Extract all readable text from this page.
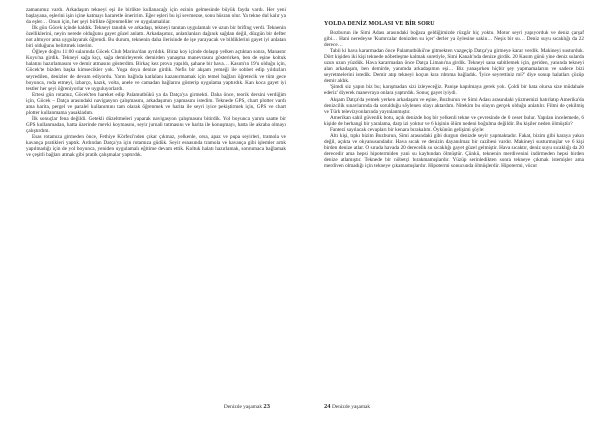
zamanımız vardı. Arkadaşım tekneyi eşi ile birlikte kullanacağı için ezinin gelmesinde büyük fayda vardı. Her yeni başlayana, eşlerini işin içine katmayı hararetle öneririm. Eğer eşleri bu işi sevmezse, sonu hüsran olur. Ya tekne dul kalır ya da eşler… Onun için, her şeyi birlikte öğrenmeliler ve uygulamalılar.

İlk gün Göcek içinde kaldık. Tekneyi tanıdık ve arkadaşı, tekneyi tanıtan uygulamalı ve uzun bir brifing verdi. Teknenin özelliklerini, neyin nerede olduğunu gayet güzel anlattı. Arkadaşımız, anlatılanları dağınık sağdan değil, düzgün bir defter not almıyor ama uygulayarak öğrendi. Bu durum, teknenin daha ilerisinde de işe yarayacak ve bildiklerini gayet iyi anlatan biri olduğunu belirtmek isterim.

Öğleye doğru 11:00 sularında Göcek Club Marina'dan ayrıldık. Biraz koy içinde dolaşıp yelken açtıktan sonra, Manastır Koyu'na girdik. Tekneyi sağa kıçı, sağa demirleyerek demirden yanaşma manevrasını gösterirken, ben de eşine koltuk halatını hazırlamasını ve demir atmasını gösterdim. Birkaç kez prova yapıldı, şahane bir hava… Kasım'ın 19'u olduğu için, Göcek'te bizden başka kimsecikler yok. Yoga doya denize girdik. Nefis bir akşam yemeği ile sohbet edip yıldızları seyredilen, denizler de devam ediyordu. Yarın bağlıda katlalanı kazanırmamak için temel bağları öğretecik ve tüm gece boyunca, roda etmeyi, izbarço, kazık, volta, anele ve camadan bağlarını gösterip uygulama yaptırdık. Kan koca gayet iyi testler her şeyi öğreniyorlar ve uyguluyorlardı.

Ertesi gün rotamız, Göcek'ten hareket edip Palamutbükü ya da Datça'ya girmekti. Daha önce, teorik dersini verdiğim için, Göcek – Datça arasındaki navigasyon çalışmasını, arkadaşımın yapmasını istedim. Teknede GPS, chart plotter vardı ama harita, pergel ve paralel kullanımını tam olarak öğrenmek ve harita ile seyri iyice pekiştirmek için, GPS ve chart plotter kullanmama yasakladım.

İlk sonuçlar fena değildi. Getekli düzeltmeleri yaparak navigasyon çalışmasını bitirdik. Yol boyunca yarım saatte bir GPS kullanmadan, hatta üzerinde mevki koymasını, seyir jurnali tutmasını ve harita ile konuşmayı, hatta ile akraba olmayı çalıştırdım.

Esas rotamıza girmeden önce, Fethiye Körfezi'nden çıkar çıkmaz, yelkenle, orsa, apaz ve pupa seyirleri, tramola ve kavança pratikleri yaptık. Ardından Datça'ya için rotamıza güdük. Seyir esnasında tramola ve kavança gibi işlemler artık yapılmadığı için de yol boyunca, yeniden uygulamalı eğitime devam ettik. Koltuk halatı hazırlamak, sonrumaca bağlamak ve çeşitli bağları atmak gibi pratik çalışmalar yaptırdık.

Denizde yaşamak 23
YOLDA DENİZ MOLASI VE BİR SORU

Bozburun ile Simi Adası arasındaki boğaza geldiğimizde rüzgâr hiç yoktu. Motor seyri yapıyorduk ve deniz çarşaf gibi… Hani neredeyse 'Kumrcalar denizden su içer' derler ya öylesine sakin… Neşis bir su… Deniz suyu sıcaklığı da 22 derece…

Tabii ki hava kararmadan önce Palamutbükü'ne gitmekten vazgeçip Datça'ya girmeye karar verdik. Makineyi susturduk. Dört kişiden iki kişi teknede nöbetleşme kalmak suretiyle, Simi Kanalı'nda denize girdik. 20 Kasım günü yine deniz sularda uzun uzun yüzdük. Hava kararmadan önce Datça Limanı'na girdik. Tekneyi sana sabitlemek için, geriden, yanında tekneyi alan arkadaşım, ben demirde, yanımda arkadaşımın eşi… Biz yanaşırken hiçbir şey yapmamalarını ve sadece bizi seyretmelerini istedik. Demir atıp tekneyi koçun kıra rıhtıma bağladık. 'İyice seyrettiniz mi?' diye sonup halatları çözüp demir aldık.

'Şimdi siz yapın biz bu; karışmadan sizi izleyeceğiz. Panişe kapılmaya gerek yok. Çoldi bir hata olursa size müdahale ederiz' diyerek manevraya onlara yaptırdık. Sonuç gayet iyiydi.

Akşam Datça'da yemek yerken arkadaşım ve eşine, Bozburun ve Simi Adası arasındaki yüzmemizi hatırlatıp Amerika'da denizcilik sınavlarında da sorulduğu söylenen olayı aktardım. Nitekim bu olayın gerçek olduğu anlatılır. Filmi de çekilmiş ve Türk televizyonlarında yayınlanmıştır.

Amerikan sahil güvenlik botu, açık denizde boş bir yelkenli tekne ve çevresinde de 6 ceset bulur. Yapılan incelemede, 6 kişide de herhangi bir yaralama, darp izi yoktur ve 6 kişinin ölüm nedeni boğulma değildir. Bu kişiler neden ölmüştür?

Fantezi sayılacak cevapları bir kenara bırakalım. Öykünün gelişimi şöyle:

Altı kişi, tıpkı bizim Bozburun, Simi arasındaki gibi durgun denizde seyir yapmaktadır. Fakat, bizim gibi karaya yakın değil, açıkta ve okyanusundadır. Hava sıcak ve denizin dayanılmaz bir cazibesi vardır. Makineyi susturmuşlar ve 6 kişi birden denize atlar. O sırada havada 20 derecelik su sıcaklığı gayet güzel gelmiştir. Hava sıcaktır, deniz suyu sıcaklığı da 20 derecedir ama hepsi hipotermiden yani su kaybından ölmüştür. Çünkü, teknenin merdivenini indirmeden hepsi birden denize atlamıştır. Teknede bir nöbetçi bırakmamışlardır. Yüzüp serinledikten sonra tekneye çıkmak istemişler ama merdiven olmadığı için tekneye çıkamamışlardır. Hipotermi sonucunda ölmüşlerdir. Hipotermi, vücut

24 Denizde yaşamak
